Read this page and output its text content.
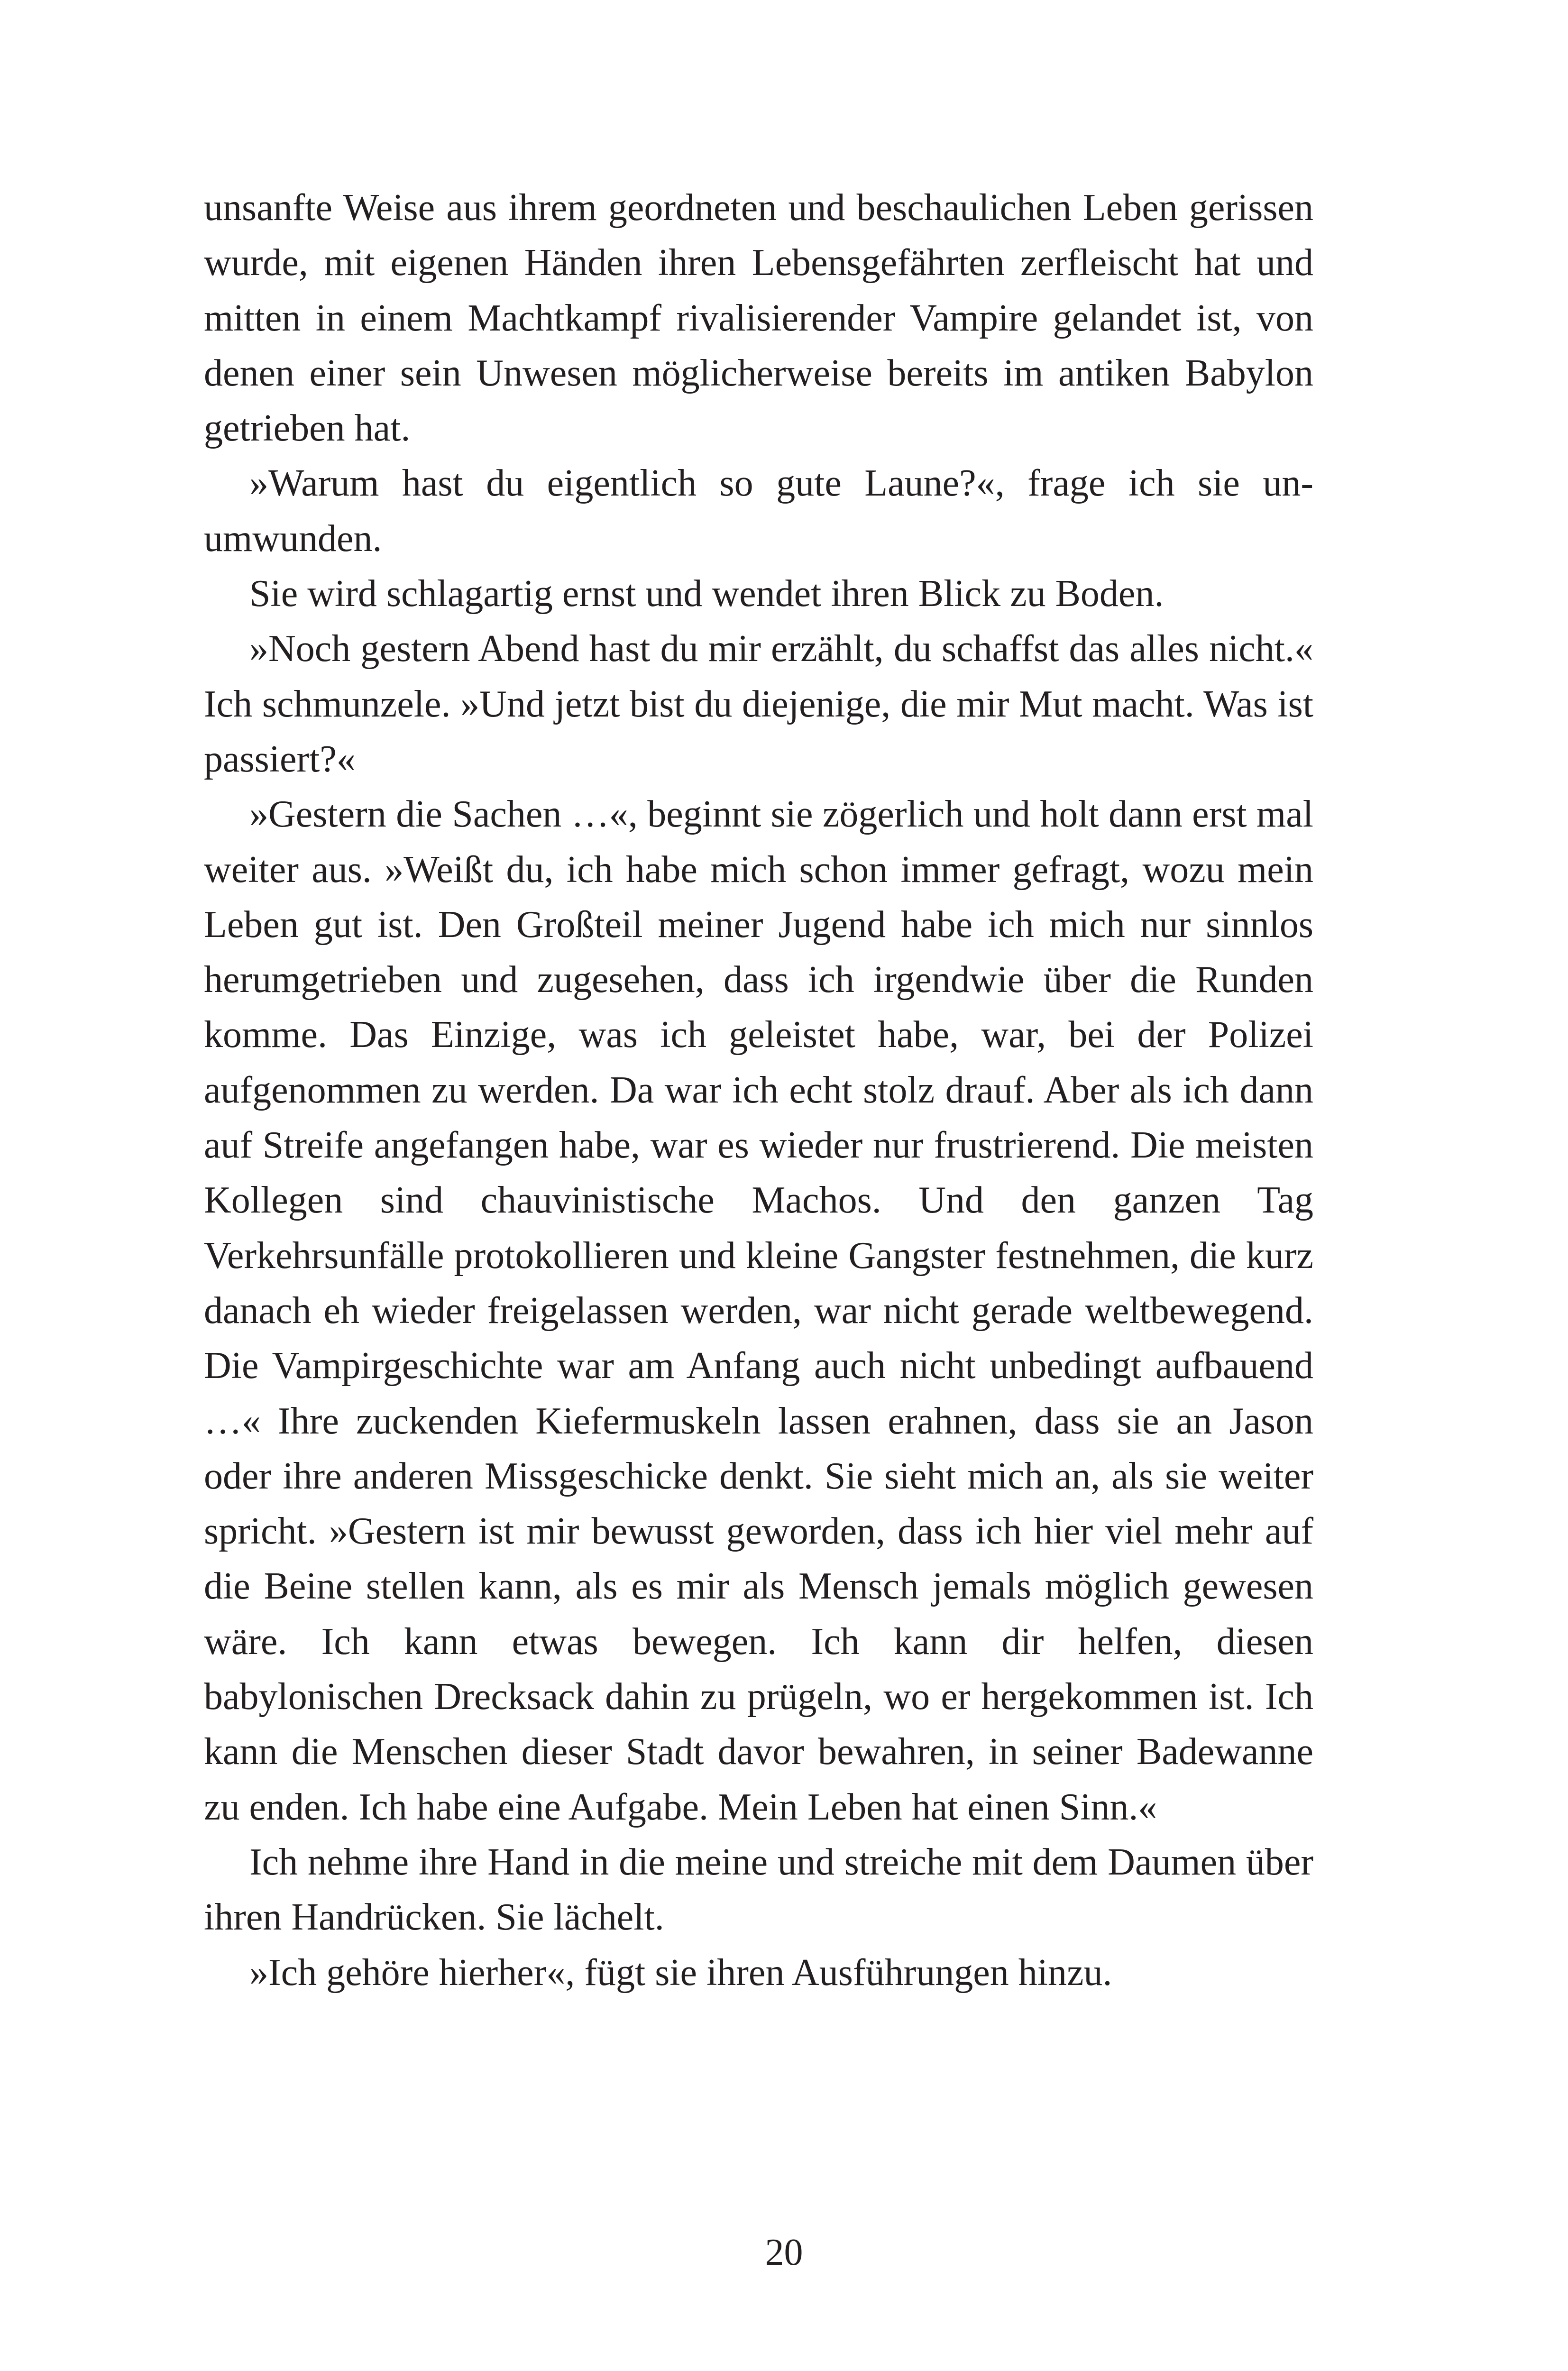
unsanfte Weise aus ihrem geordneten und beschaulichen Leben gerissen wurde, mit eigenen Händen ihren Lebensgefährten zerfleischt hat und mitten in einem Machtkampf rivalisierender Vampire gelandet ist, von denen einer sein Unwesen möglicherweise bereits im antiken Babylon getrieben hat.

»Warum hast du eigentlich so gute Laune?«, frage ich sie unumwunden.

Sie wird schlagartig ernst und wendet ihren Blick zu Boden.

»Noch gestern Abend hast du mir erzählt, du schaffst das alles nicht.« Ich schmunzele. »Und jetzt bist du diejenige, die mir Mut macht. Was ist passiert?«

»Gestern die Sachen …«, beginnt sie zögerlich und holt dann erst mal weiter aus. »Weißt du, ich habe mich schon immer gefragt, wozu mein Leben gut ist. Den Großteil meiner Jugend habe ich mich nur sinnlos herumgetrieben und zugesehen, dass ich irgendwie über die Runden komme. Das Einzige, was ich geleistet habe, war, bei der Polizei aufgenommen zu werden. Da war ich echt stolz drauf. Aber als ich dann auf Streife angefangen habe, war es wieder nur frustrierend. Die meisten Kollegen sind chauvinistische Machos. Und den ganzen Tag Verkehrsunfälle protokollieren und kleine Gangster festnehmen, die kurz danach eh wieder freigelassen werden, war nicht gerade weltbewegend. Die Vampirgeschichte war am Anfang auch nicht unbedingt aufbauend …« Ihre zuckenden Kiefermuskeln lassen erahnen, dass sie an Jason oder ihre anderen Missgeschicke denkt. Sie sieht mich an, als sie weiter spricht. »Gestern ist mir bewusst geworden, dass ich hier viel mehr auf die Beine stellen kann, als es mir als Mensch jemals möglich gewesen wäre. Ich kann etwas bewegen. Ich kann dir helfen, diesen babylonischen Drecksack dahin zu prügeln, wo er hergekommen ist. Ich kann die Menschen dieser Stadt davor bewahren, in seiner Badewanne zu enden. Ich habe eine Aufgabe. Mein Leben hat einen Sinn.«

Ich nehme ihre Hand in die meine und streiche mit dem Daumen über ihren Handrücken. Sie lächelt.

»Ich gehöre hierher«, fügt sie ihren Ausführungen hinzu.

20
